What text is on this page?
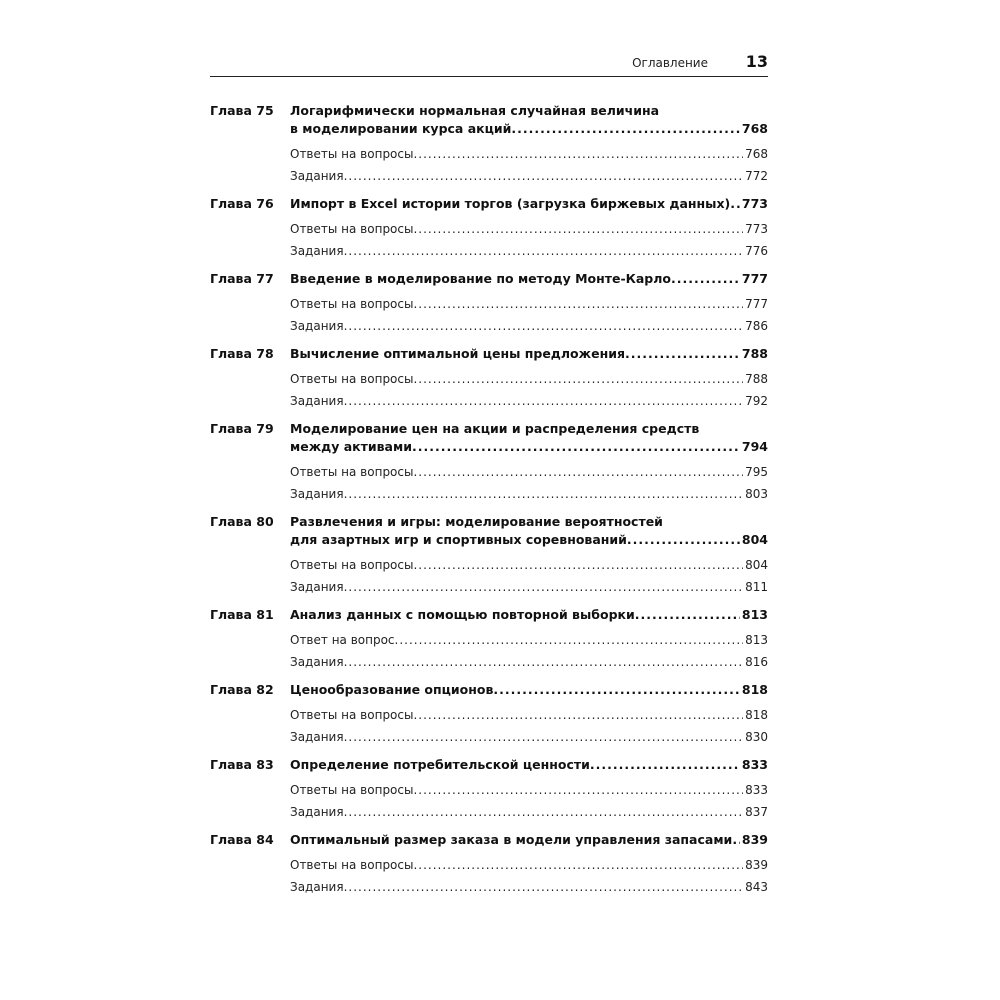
Оглавление 13
Глава 75	Логарифмически нормальная случайная величина
в моделировании курса акций .....	768
Ответы на вопросы .....	768
Задания .....	772
Глава 76	Импорт в Excel истории торгов (загрузка биржевых данных) ..... 773
Ответы на вопросы .....	773
Задания .....	776
Глава 77	Введение в моделирование по методу Монте-Карло .....	777
Ответы на вопросы .....	777
Задания .....	786
Глава 78	Вычисление оптимальной цены предложения .....	788
Ответы на вопросы .....	788
Задания .....	792
Глава 79	Моделирование цен на акции и распределения средств
между активами .....	794
Ответы на вопросы .....	795
Задания .....	803
Глава 80	Развлечения и игры: моделирование вероятностей
для азартных игр и спортивных соревнований .....	804
Ответы на вопросы .....	804
Задания .....	811
Глава 81	Анализ данных с помощью повторной выборки .....	813
Ответ на вопрос .....	813
Задания .....	816
Глава 82	Ценообразование опционов .....	818
Ответы на вопросы .....	818
Задания .....	830
Глава 83	Определение потребительской ценности .....	833
Ответы на вопросы .....	833
Задания .....	837
Глава 84	Оптимальный размер заказа в модели управления запасами ..... 839
Ответы на вопросы .....	839
Задания .....	843
